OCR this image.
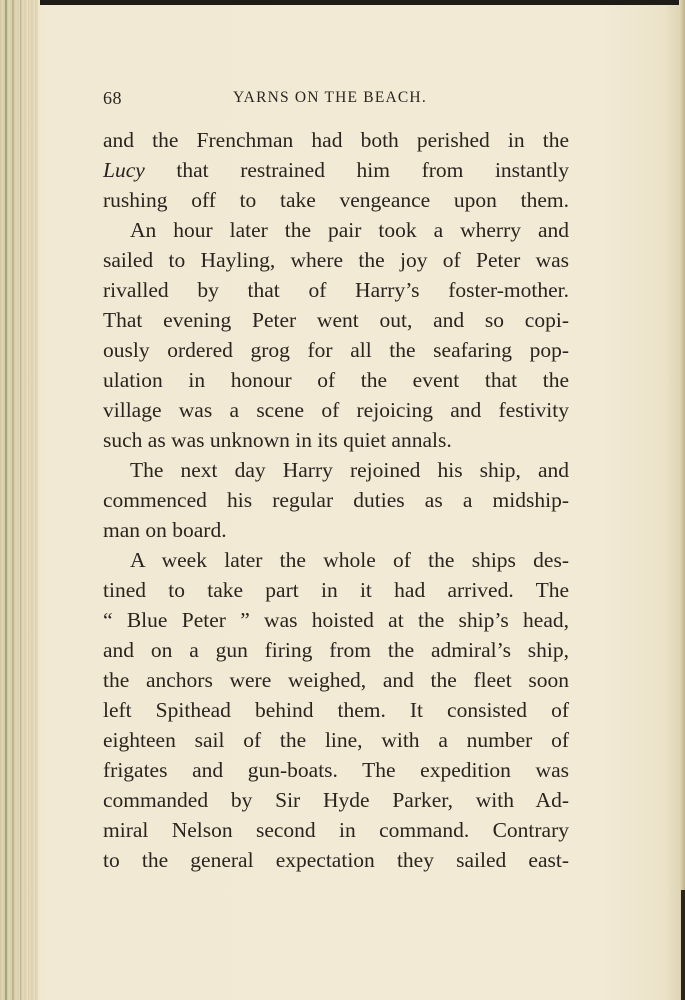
68	YARNS ON THE BEACH.
and the Frenchman had both perished in the
Lucy that restrained him from instantly
rushing off to take vengeance upon them.
An hour later the pair took a wherry and
sailed to Hayling, where the joy of Peter was
rivalled by that of Harry’s foster-mother.
That evening Peter went out, and so copi-
ously ordered grog for all the seafaring pop-
ulation in honour of the event that the
village was a scene of rejoicing and festivity
such as was unknown in its quiet annals.
The next day Harry rejoined his ship, and
commenced his regular duties as a midship-
man on board.
A week later the whole of the ships des-
tined to take part in it had arrived. The
“ Blue Peter ” was hoisted at the ship’s head,
and on a gun firing from the admiral’s ship,
the anchors were weighed, and the fleet soon
left Spithead behind them. It consisted of
eighteen sail of the line, with a number of
frigates and gun-boats. The expedition was
commanded by Sir Hyde Parker, with Ad-
miral Nelson second in command. Contrary
to the general expectation they sailed east-
